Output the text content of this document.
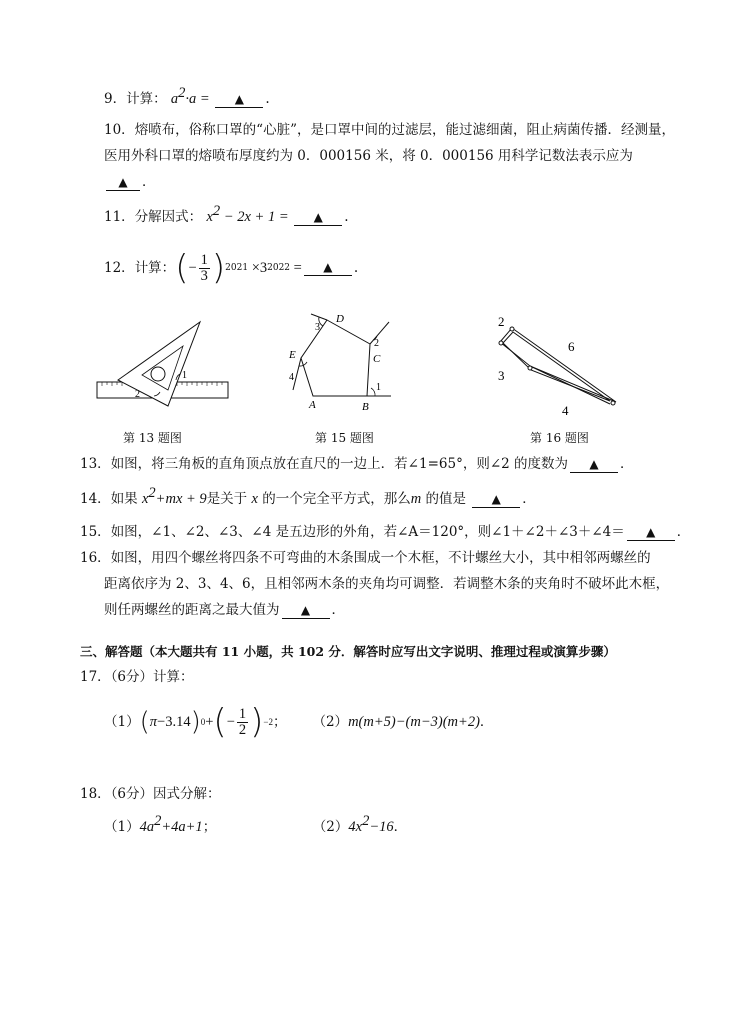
9．计算： $a^2\cdot a$ = ▲ .
10．熔喷布，俗称口罩的“心脏”，是口罩中间的过滤层，能过滤细菌，阻止病菌传播．经测量，
医用外科口罩的熔喷布厚度约为 0．000156 米，将 0．000156 用科学记数法表示应为
▲ ．
11．分解因式： $x^2 - 2x + 1$ = ▲ .
12． 计算： ( − $\frac{1}{3}$ ) 2021 ×3 2022 =	▲	.
1
2
第 13 题图
A	B
C
D
E
1
2
3
4
第 15 题图
2
6
3
4
第 16 题图
13．如图，将三角板的直角顶点放在直尺的一边上．若∠1=65°，则∠2 的度数为 ▲ ．
14．如果 $x^2+mx + 9$是关于 x 的一个完全平方式，那么m 的值是 ▲ ．
15．如图，∠1、∠2、∠3、∠4 是五边形的外角，若∠A＝120°，则∠1＋∠2＋∠3＋∠4＝ ▲ ．
16．如图，用四个螺丝将四条不可弯曲的木条围成一个木框，不计螺丝大小，其中相邻两螺丝的
距离依序为 2、3、4、6，且相邻两木条的夹角均可调整．若调整木条的夹角时不破坏此木框，
则任两螺丝的距离之最大值为 ▲ ．
三、解答题（本大题共有 11 小题，共 102 分．解答时应写出文字说明、推理过程或演算步骤）
17．（6分）计算：
（1） ( π −3.14 ) 0 + ( − $\frac{1}{2}$ ) −2 ； （2） m(m+5)−(m−3)(m+2) ．
18．（6分）因式分解：
$(1)4a^2+4a+1$；	$(2)4x^2-16$．
